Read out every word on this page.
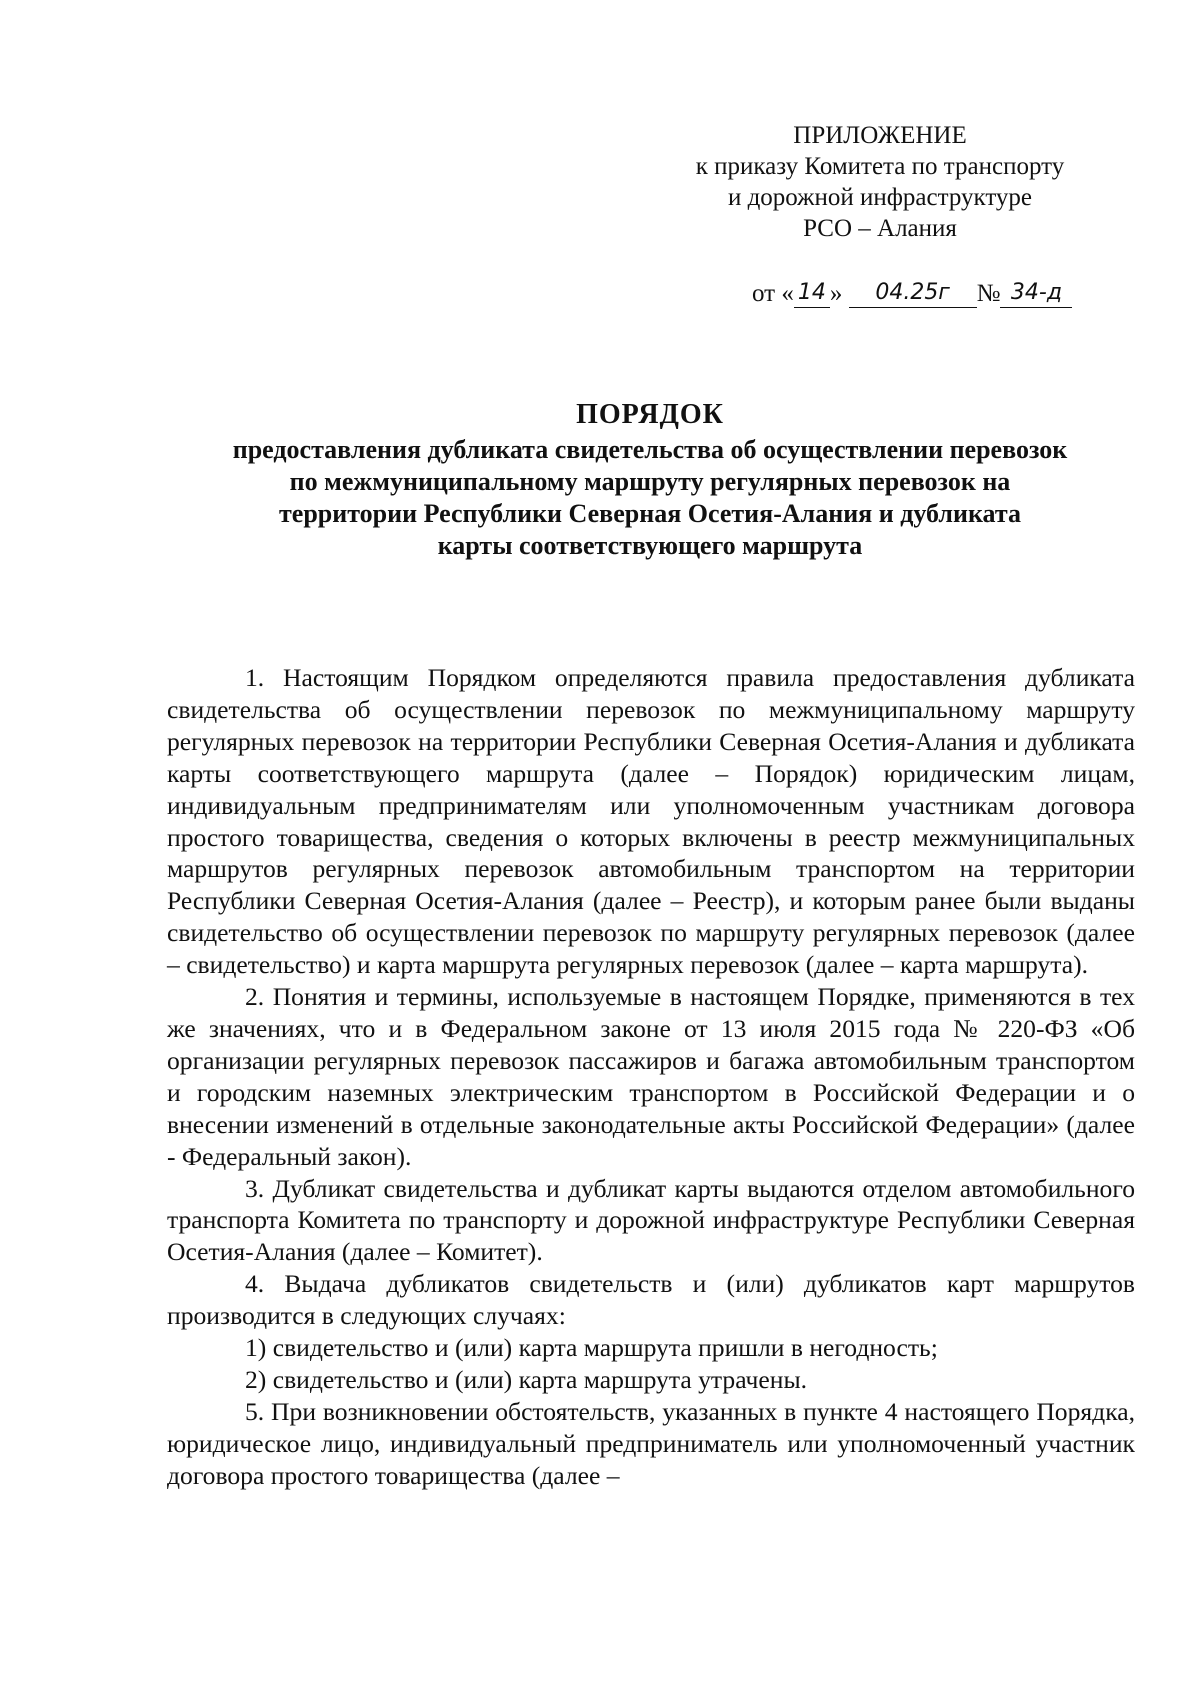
ПРИЛОЖЕНИЕ
к приказу Комитета по транспорту
и дорожной инфраструктуре
РСО – Алания
от « 14 » 04.25г № 34-д
ПОРЯДОК
предоставления дубликата свидетельства об осуществлении перевозок
по межмуниципальному маршруту регулярных перевозок на
территории Республики Северная Осетия-Алания и дубликата
карты соответствующего маршрута
1. Настоящим Порядком определяются правила предоставления дубликата свидетельства об осуществлении перевозок по межмуниципальному маршруту регулярных перевозок на территории Республики Северная Осетия-Алания и дубликата карты соответствующего маршрута (далее – Порядок) юридическим лицам, индивидуальным предпринимателям или уполномоченным участникам договора простого товарищества, сведения о которых включены в реестр межмуниципальных маршрутов регулярных перевозок автомобильным транспортом на территории Республики Северная Осетия-Алания (далее – Реестр), и которым ранее были выданы свидетельство об осуществлении перевозок по маршруту регулярных перевозок (далее – свидетельство) и карта маршрута регулярных перевозок (далее – карта маршрута).
2. Понятия и термины, используемые в настоящем Порядке, применяются в тех же значениях, что и в Федеральном законе от 13 июля 2015 года № 220-ФЗ «Об организации регулярных перевозок пассажиров и багажа автомобильным транспортом и городским наземных электрическим транспортом в Российской Федерации и о внесении изменений в отдельные законодательные акты Российской Федерации» (далее - Федеральный закон).
3. Дубликат свидетельства и дубликат карты выдаются отделом автомобильного транспорта Комитета по транспорту и дорожной инфраструктуре Республики Северная Осетия-Алания (далее – Комитет).
4. Выдача дубликатов свидетельств и (или) дубликатов карт маршрутов производится в следующих случаях:
1) свидетельство и (или) карта маршрута пришли в негодность;
2) свидетельство и (или) карта маршрута утрачены.
5. При возникновении обстоятельств, указанных в пункте 4 настоящего Порядка, юридическое лицо, индивидуальный предприниматель или уполномоченный участник договора простого товарищества (далее –
